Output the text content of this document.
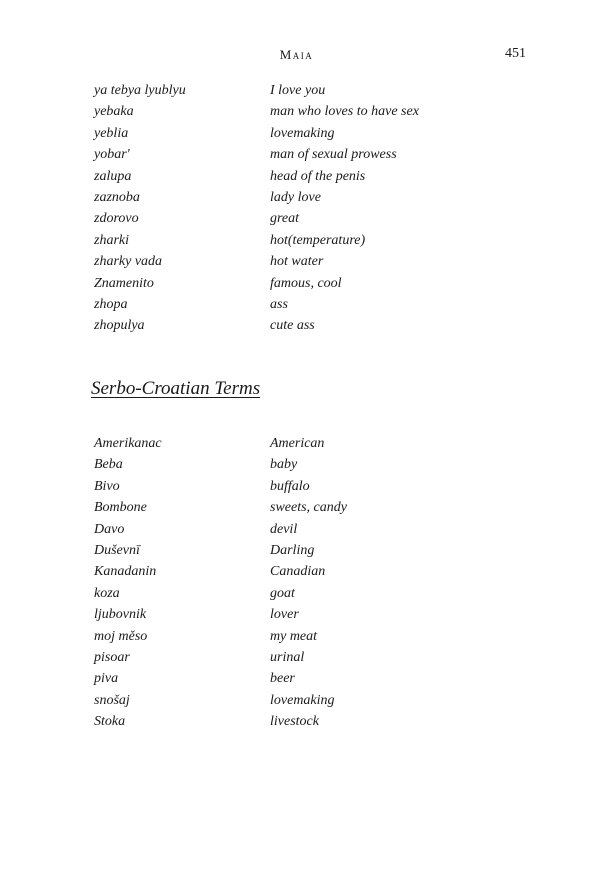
Maia	451
ya tebya lyublyu	I love you
yebaka	man who loves to have sex
yeblia	lovemaking
yobar'	man of sexual prowess
zalupa	head of the penis
zaznoba	lady love
zdorovo	great
zharki	hot(temperature)
zharky vada	hot water
Znamenito	famous, cool
zhopa	ass
zhopulya	cute ass
Serbo-Croatian Terms
Amerikanac	American
Beba	baby
Bivo	buffalo
Bombone	sweets, candy
Davo	devil
Duševnī	Darling
Kanadanin	Canadian
koza	goat
ljubovnik	lover
moj měso	my meat
pisoar	urinal
piva	beer
snošaj	lovemaking
Stoka	livestock
